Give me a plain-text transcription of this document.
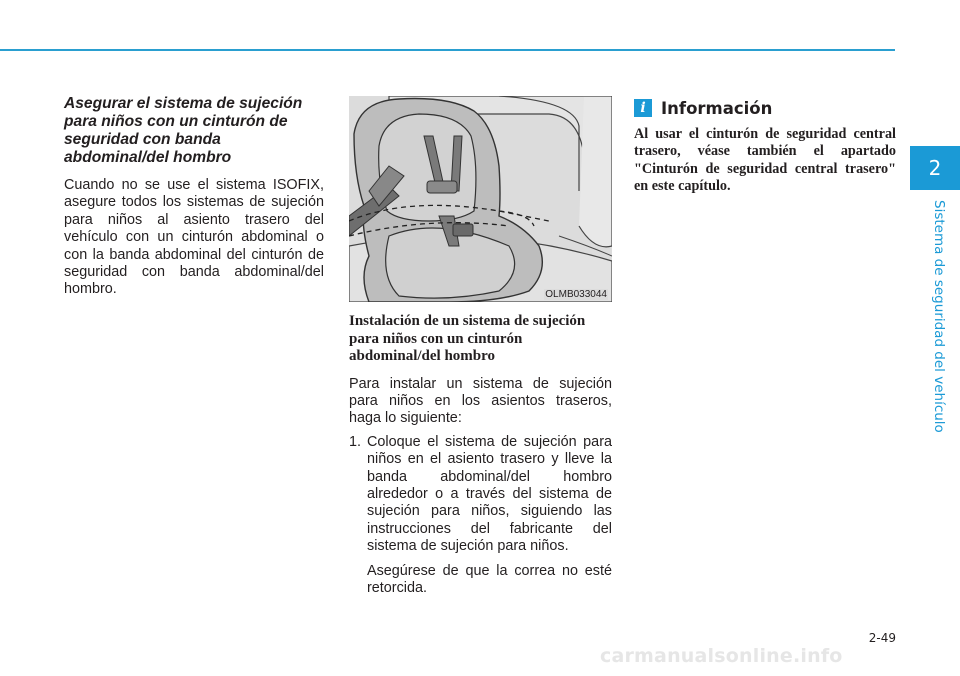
Asegurar el sistema de sujeción para niños con un cinturón de seguridad con banda abdominal/del hombro

Cuando no se use el sistema ISOFIX, asegure todos los sistemas de sujeción para niños al asiento trasero del vehículo con un cinturón abdominal o con la banda abdominal del cinturón de seguridad con banda abdominal/del hombro.	OLMB033044
Instalación de un sistema de sujeción para niños con un cinturón abdominal/del hombro

Para instalar un sistema de sujeción para niños en los asientos traseros, haga lo siguiente:

1. Coloque el sistema de sujeción para niños en el asiento trasero y lleve la banda abdominal/del hombro alrededor o a través del sistema de sujeción para niños, siguiendo las instrucciones del fabricante del sistema de sujeción para niños.
Asegúrese de que la correa no esté retorcida.
i Información

Al usar el cinturón de seguridad central trasero, véase también el apartado "Cinturón de seguridad central trasero" en este capítulo.

2
Sistema de seguridad del vehículo
2-49
carmanualsonline.info
